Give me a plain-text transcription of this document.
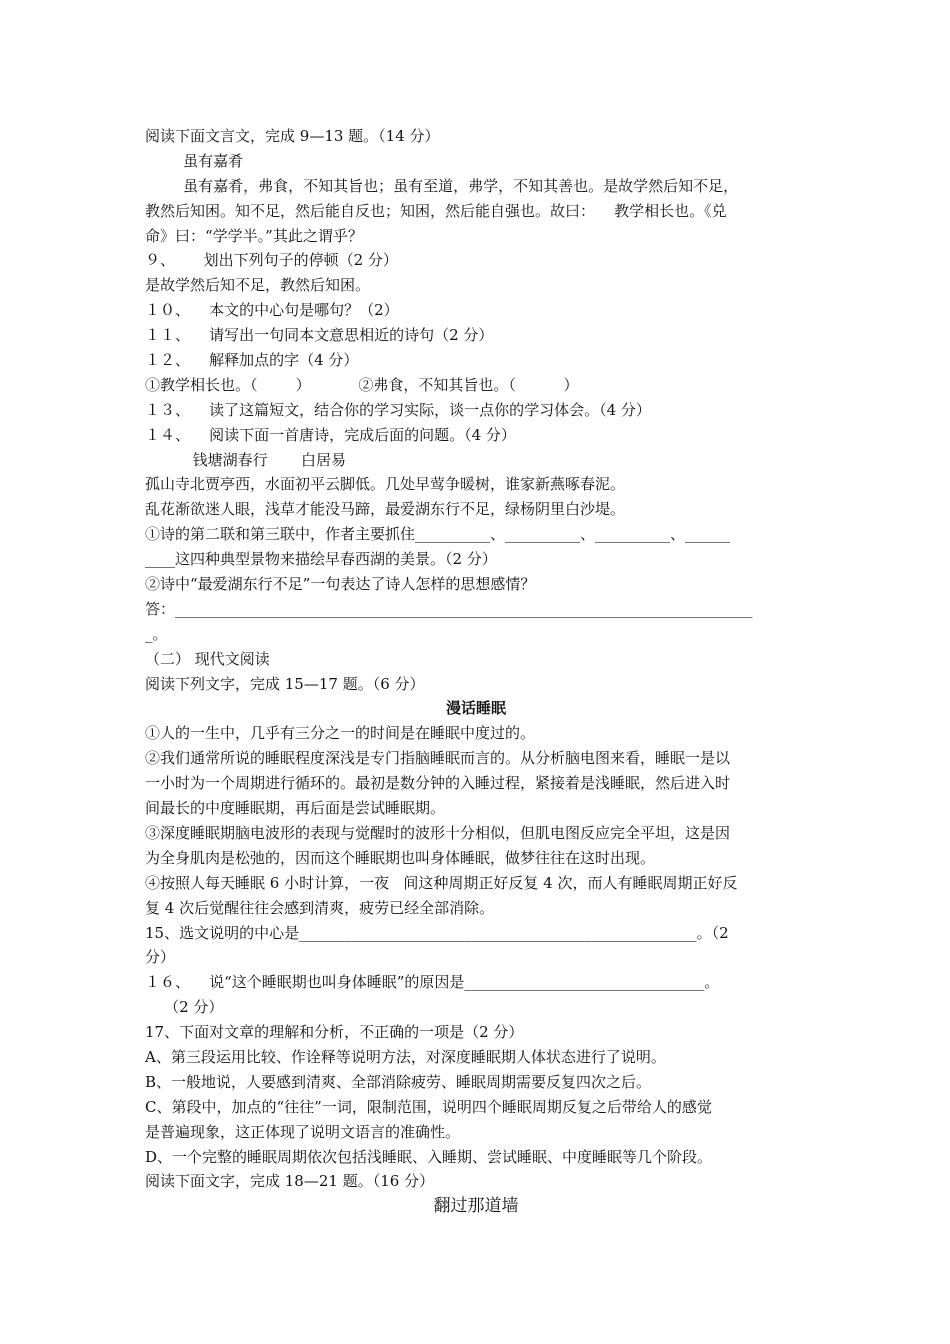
阅读下面文言文，完成 9—13 题。（14 分）
虽有嘉肴
虽有嘉肴，弗食，不知其旨也；虽有至道，弗学，不知其善也。是故学然后知不足，
教然后知困。知不足，然后能自反也；知困，然后能自强也。故曰：    教学相长也。《兑
命》曰：“学学半。”其此之谓乎？
９、      划出下列句子的停顿（2 分）
是故学然后知不足，教然后知困。
１０、    本文的中心句是哪句？（2）
１１、    请写出一句同本文意思相近的诗句（2 分）
１２、    解释加点的字（4 分）
①教学相长也。（        ）          ②弗食，不知其旨也。（          ）
１３、    读了这篇短文，结合你的学习实际，谈一点你的学习体会。（4 分）
１４、    阅读下面一首唐诗，完成后面的问题。（4 分）
钱塘湖春行       白居易
孤山寺北贾亭西，水面初平云脚低。几处早莺争暖树，谁家新燕啄春泥。
乱花渐欲迷人眼，浅草才能没马蹄，最爱湖东行不足，绿杨阴里白沙堤。
①诗的第二联和第三联中，作者主要抓住__________、__________、__________、______
____这四种典型景物来描绘早春西湖的美景。（2 分）
②诗中“最爱湖东行不足”一句表达了诗人怎样的思想感情？
答：_____________________________________________________________________________
_。
（二） 现代文阅读
阅读下列文字，完成 15—17 题。（6 分）
漫话睡眠
①人的一生中，几乎有三分之一的时间是在睡眠中度过的。
②我们通常所说的睡眠程度深浅是专门指脑睡眠而言的。从分析脑电图来看，睡眠一是以
一小时为一个周期进行循环的。最初是数分钟的入睡过程，紧接着是浅睡眠，然后进入时
间最长的中度睡眠期，再后面是尝试睡眠期。
③深度睡眠期脑电波形的表现与觉醒时的波形十分相似，但肌电图反应完全平坦，这是因
为全身肌肉是松弛的，因而这个睡眠期也叫身体睡眠，做梦往往在这时出现。
④按照人每天睡眠 6 小时计算，一夜   间这种周期正好反复 4 次，而人有睡眠周期正好反
复 4 次后觉醒往往会感到清爽，疲劳已经全部消除。
15、选文说明的中心是_____________________________________________________。（2
分）
１６、    说“这个睡眠期也叫身体睡眠”的原因是________________________________。
（2 分）
17、下面对文章的理解和分析，不正确的一项是（2 分）
A、第三段运用比较、作诠释等说明方法，对深度睡眠期人体状态进行了说明。
B、一般地说，人要感到清爽、全部消除疲劳、睡眠周期需要反复四次之后。
C、第段中，加点的“往往”一词，限制范围，说明四个睡眠周期反复之后带给人的感觉
是普遍现象，这正体现了说明文语言的准确性。
D、一个完整的睡眠周期依次包括浅睡眠、入睡期、尝试睡眠、中度睡眠等几个阶段。
阅读下面文字，完成 18—21 题。（16 分）
翻过那道墙
